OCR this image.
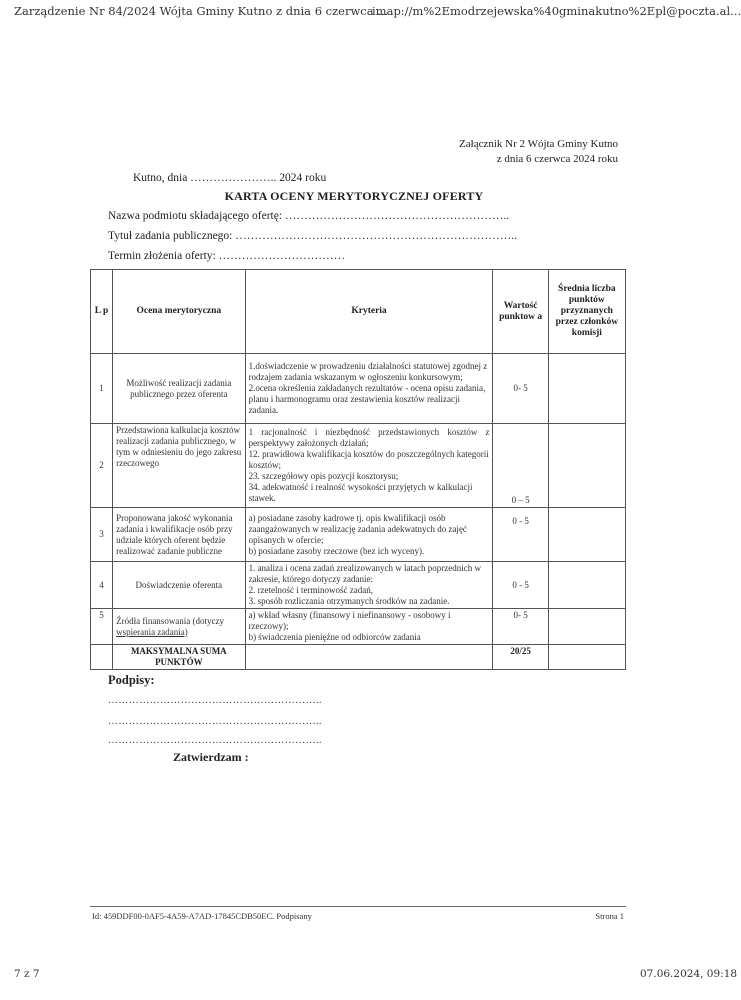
Zarządzenie Nr 84/2024 Wójta Gminy Kutno z dnia 6 czerwca ...
imap://m%2Emodrzejewska%40gminakutno%2Epl@poczta.al...
Załącznik Nr 2 Wójta Gminy Kutno
z dnia 6 czerwca 2024 roku
Kutno, dnia ………………….. 2024 roku
KARTA OCENY MERYTORYCZNEJ OFERTY
Nazwa podmiotu składającego ofertę: …………………………………………………..
Tytuł zadania publicznego: ………………………………………………………………..
Termin złożenia oferty: ……………………………
L p	Ocena merytoryczna	Kryteria	Wartość punktow a	Średnia liczba punktów przyznanych przez członków komisji
1	Możliwość realizacji zadania publicznego przez oferenta	1.doświadczenie w prowadzeniu działalności statutowej zgodnej z rodzajem zadania wskazanym w ogłoszeniu konkursowym;

2.ocena określenia zakładanych rezultatów - ocena opisu zadania, planu i harmonogramu oraz zestawienia kosztów realizacji zadania.	0- 5	
2	Przedstawiona kalkulacja kosztów realizacji zadania publicznego, w tym w odniesieniu do jego zakresu rzeczowego	1 racjonalność i niezbędność przedstawionych kosztów z perspektywy założonych działań;

12. prawidłowa kwalifikacja kosztów do poszczególnych kategorii kosztów;

23. szczegółowy opis pozycji kosztorysu;

34. adekwatność i realność wysokości przyjętych w kalkulacji stawek.	0 – 5	
3	Proponowana jakość wykonania zadania i kwalifikacje osób przy udziale których oferent będzie realizować zadanie publiczne	a) posiadane zasoby kadrowe tj. opis kwalifikacji osób zaangażowanych w realizację zadania adekwatnych do zajęć opisanych w ofercie;

b) posiadane zasoby rzeczowe (bez ich wyceny).	0 - 5	
4	Doświadczenie oferenta	1. analiza i ocena zadań zrealizowanych w latach poprzednich w zakresie, którego dotyczy zadanie:

2. rzetelność i terminowość zadań,

3. sposób rozliczania otrzymanych środków na zadanie.	0 - 5	
5	Źródła finansowania (dotyczy wspierania zadania)	a) wkład własny (finansowy i niefinansowy - osobowy i rzeczowy);

b) świadczenia pieniężne od odbiorców zadania	0- 5	
	MAKSYMALNA SUMA PUNKTÓW		20/25	
Podpisy:
……………………………………………………..
……………………………………………………..
……………………………………………………..
Zatwierdzam :
Id: 459DDF00-0AF5-4A59-A7AD-17845CDB50EC. Podpisany	Strona 1
7 z 7	07.06.2024, 09:18
